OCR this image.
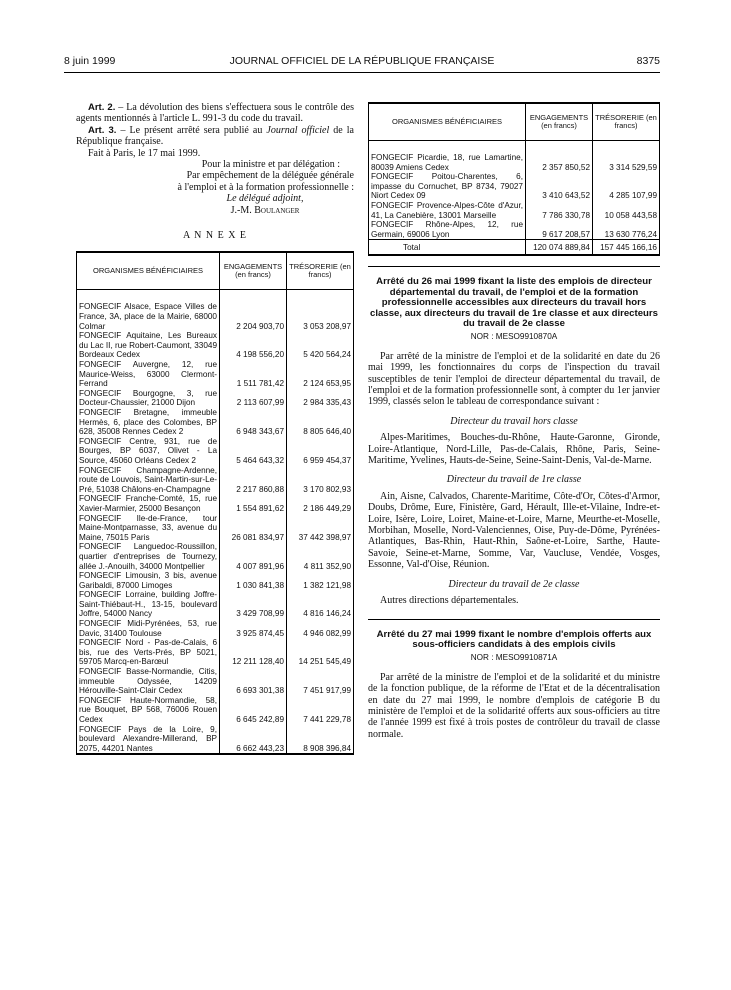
8 juin 1999	JOURNAL OFFICIEL DE LA RÉPUBLIQUE FRANÇAISE	8375

Art. 2. – La dévolution des biens s'effectuera sous le contrôle des agents mentionnés à l'article L. 991-3 du code du travail.

Art. 3. – Le présent arrêté sera publié au Journal officiel de la République française.

Fait à Paris, le 17 mai 1999.

Pour la ministre et par délégation :

Par empêchement de la déléguée générale

à l'emploi et à la formation professionnelle :

Le délégué adjoint,

J.-M. Boulanger

A N N E X E

ORGANISMES BÉNÉFICIAIRES	ENGAGEMENTS (en francs)	TRÉSORERIE (en francs)

FONGECIF Alsace, Espace Villes de France, 3A, place de la Mairie, 68000 Colmar	2 204 903,70	3 053 208,97
FONGECIF Aquitaine, Les Bureaux du Lac II, rue Robert-Caumont, 33049 Bordeaux Cedex	4 198 556,20	5 420 564,24
FONGECIF Auvergne, 12, rue Maurice-Weiss, 63000 Clermont-Ferrand	1 511 781,42	2 124 653,95
FONGECIF Bourgogne, 3, rue Docteur-Chaussier, 21000 Dijon	2 113 607,99	2 984 335,43
FONGECIF Bretagne, immeuble Hermès, 6, place des Colombes, BP 628, 35008 Rennes Cedex 2	6 948 343,67	8 805 646,40
FONGECIF Centre, 931, rue de Bourges, BP 6037, Olivet - La Source, 45060 Orléans Cedex 2	5 464 643,32	6 959 454,37
FONGECIF Champagne-Ardenne, route de Louvois, Saint-Martin-sur-Le-Pré, 51038 Châlons-en-Champagne	2 217 860,88	3 170 802,93
FONGECIF Franche-Comté, 15, rue Xavier-Marmier, 25000 Besançon	1 554 891,62	2 186 449,29
FONGECIF Ile-de-France, tour Maine-Montparnasse, 33, avenue du Maine, 75015 Paris	26 081 834,97	37 442 398,97
FONGECIF Languedoc-Roussillon, quartier d'entreprises de Tournezy, allée J.-Anouilh, 34000 Montpellier	4 007 891,96	4 811 352,90
FONGECIF Limousin, 3 bis, avenue Garibaldi, 87000 Limoges	1 030 841,38	1 382 121,98
FONGECIF Lorraine, building Joffre-Saint-Thiébaut-H., 13-15, boulevard Joffre, 54000 Nancy	3 429 708,99	4 816 146,24
FONGECIF Midi-Pyrénées, 53, rue Davic, 31400 Toulouse	3 925 874,45	4 946 082,99
FONGECIF Nord - Pas-de-Calais, 6 bis, rue des Verts-Prés, BP 5021, 59705 Marcq-en-Barœul	12 211 128,40	14 251 545,49
FONGECIF Basse-Normandie, Citis, immeuble Odyssée, 14209 Hérouville-Saint-Clair Cedex	6 693 301,38	7 451 917,99
FONGECIF Haute-Normandie, 58, rue Bouquet, BP 568, 76006 Rouen Cedex	6 645 242,89	7 441 229,78
FONGECIF Pays de la Loire, 9, boulevard Alexandre-Millerand, BP 2075, 44201 Nantes	6 662 443,23	8 908 396,84
ORGANISMES BÉNÉFICIAIRES	ENGAGEMENTS (en francs)	TRÉSORERIE (en francs)

FONGECIF Picardie, 18, rue Lamartine, 80039 Amiens Cedex	2 357 850,52	3 314 529,59
FONGECIF Poitou-Charentes, 6, impasse du Cornuchet, BP 8734, 79027 Niort Cedex 09	3 410 643,52	4 285 107,99
FONGECIF Provence-Alpes-Côte d'Azur, 41, La Canebière, 13001 Marseille	7 786 330,78	10 058 443,58
FONGECIF Rhône-Alpes, 12, rue Germain, 69006 Lyon	9 617 208,57	13 630 776,24
Total	120 074 889,84	157 445 166,16
Arrêté du 26 mai 1999 fixant la liste des emplois de directeur départemental du travail, de l'emploi et de la formation professionnelle accessibles aux directeurs du travail hors classe, aux directeurs du travail de 1re classe et aux directeurs du travail de 2e classe
NOR : MESO9910870A

Par arrêté de la ministre de l'emploi et de la solidarité en date du 26 mai 1999, les fonctionnaires du corps de l'inspection du travail susceptibles de tenir l'emploi de directeur départemental du travail, de l'emploi et de la formation professionnelle sont, à compter du 1er janvier 1999, classés selon le tableau de correspondance suivant :

Directeur du travail hors classe

Alpes-Maritimes, Bouches-du-Rhône, Haute-Garonne, Gironde, Loire-Atlantique, Nord-Lille, Pas-de-Calais, Rhône, Paris, Seine-Maritime, Yvelines, Hauts-de-Seine, Seine-Saint-Denis, Val-de-Marne.

Directeur du travail de 1re classe

Ain, Aisne, Calvados, Charente-Maritime, Côte-d'Or, Côtes-d'Armor, Doubs, Drôme, Eure, Finistère, Gard, Hérault, Ille-et-Vilaine, Indre-et-Loire, Isère, Loire, Loiret, Maine-et-Loire, Marne, Meurthe-et-Moselle, Morbihan, Moselle, Nord-Valenciennes, Oise, Puy-de-Dôme, Pyrénées-Atlantiques, Bas-Rhin, Haut-Rhin, Saône-et-Loire, Sarthe, Haute-Savoie, Seine-et-Marne, Somme, Var, Vaucluse, Vendée, Vosges, Essonne, Val-d'Oise, Réunion.

Directeur du travail de 2e classe

Autres directions départementales.

Arrêté du 27 mai 1999 fixant le nombre d'emplois offerts aux sous-officiers candidats à des emplois civils
NOR : MESO9910871A

Par arrêté de la ministre de l'emploi et de la solidarité et du ministre de la fonction publique, de la réforme de l'Etat et de la décentralisation en date du 27 mai 1999, le nombre d'emplois de catégorie B du ministère de l'emploi et de la solidarité offerts aux sous-officiers au titre de l'année 1999 est fixé à trois postes de contrôleur du travail de classe normale.
